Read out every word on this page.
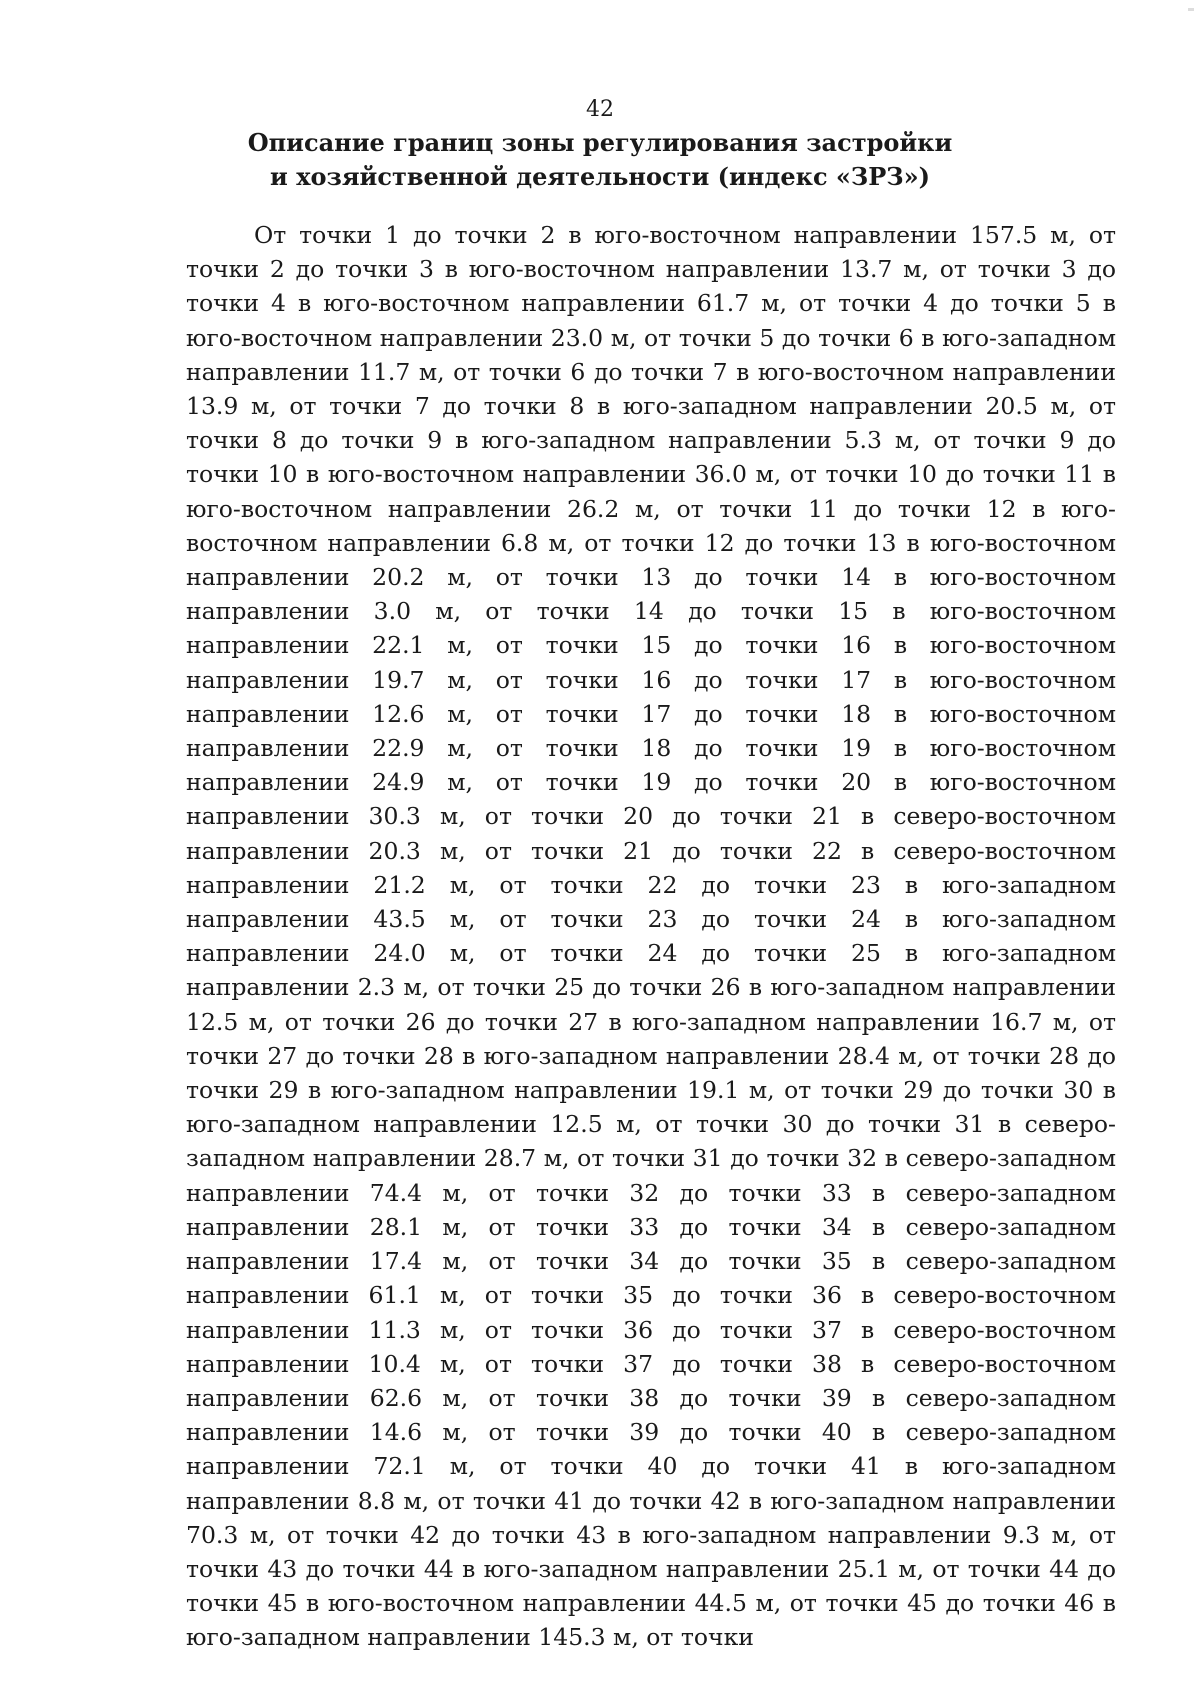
42
Описание границ зоны регулирования застройки
и хозяйственной деятельности (индекс «ЗРЗ»)

От точки 1 до точки 2 в юго-восточном направлении 157.5 м, от точки 2 до точки 3 в юго-восточном направлении 13.7 м, от точки 3 до точки 4 в юго-восточном направлении 61.7 м, от точки 4 до точки 5 в юго-восточном направлении 23.0 м, от точки 5 до точки 6 в юго-западном направлении 11.7 м, от точки 6 до точки 7 в юго-восточном направлении 13.9 м, от точки 7 до точки 8 в юго-западном направлении 20.5 м, от точки 8 до точки 9 в юго-западном направлении 5.3 м, от точки 9 до точки 10 в юго-восточном направлении 36.0 м, от точки 10 до точки 11 в юго-восточном направлении 26.2 м, от точки 11 до точки 12 в юго-восточном направлении 6.8 м, от точки 12 до точки 13 в юго-восточном направлении 20.2 м, от точки 13 до точки 14 в юго-восточном направлении 3.0 м, от точки 14 до точки 15 в юго-восточном направлении 22.1 м, от точки 15 до точки 16 в юго-восточном направлении 19.7 м, от точки 16 до точки 17 в юго-восточном направлении 12.6 м, от точки 17 до точки 18 в юго-восточном направлении 22.9 м, от точки 18 до точки 19 в юго-восточном направлении 24.9 м, от точки 19 до точки 20 в юго-восточном направлении 30.3 м, от точки 20 до точки 21 в северо-восточном направлении 20.3 м, от точки 21 до точки 22 в северо-восточном направлении 21.2 м, от точки 22 до точки 23 в юго-западном направлении 43.5 м, от точки 23 до точки 24 в юго-западном направлении 24.0 м, от точки 24 до точки 25 в юго-западном направлении 2.3 м, от точки 25 до точки 26 в юго-западном направлении 12.5 м, от точки 26 до точки 27 в юго-западном направлении 16.7 м, от точки 27 до точки 28 в юго-западном направлении 28.4 м, от точки 28 до точки 29 в юго-западном направлении 19.1 м, от точки 29 до точки 30 в юго-западном направлении 12.5 м, от точки 30 до точки 31 в северо-западном направлении 28.7 м, от точки 31 до точки 32 в северо-западном направлении 74.4 м, от точки 32 до точки 33 в северо-западном направлении 28.1 м, от точки 33 до точки 34 в северо-западном направлении 17.4 м, от точки 34 до точки 35 в северо-западном направлении 61.1 м, от точки 35 до точки 36 в северо-восточном направлении 11.3 м, от точки 36 до точки 37 в северо-восточном направлении 10.4 м, от точки 37 до точки 38 в северо-восточном направлении 62.6 м, от точки 38 до точки 39 в северо-западном направлении 14.6 м, от точки 39 до точки 40 в северо-западном направлении 72.1 м, от точки 40 до точки 41 в юго-западном направлении 8.8 м, от точки 41 до точки 42 в юго-западном направлении 70.3 м, от точки 42 до точки 43 в юго-западном направлении 9.3 м, от точки 43 до точки 44 в юго-западном направлении 25.1 м, от точки 44 до точки 45 в юго-восточном направлении 44.5 м, от точки 45 до точки 46 в юго-западном направлении 145.3 м, от точки
